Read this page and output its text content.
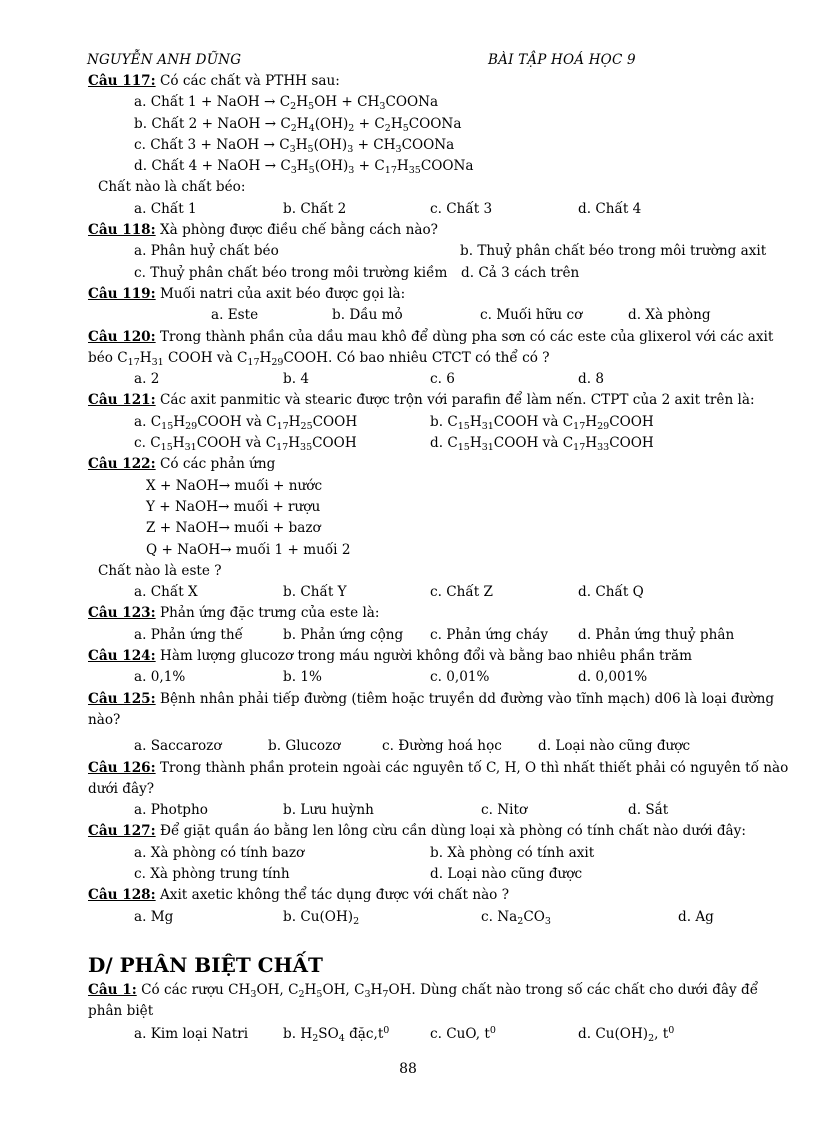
NGUYỄN ANH DŨNG	BÀI TẬP HOÁ HỌC 9
Câu 117: Có các chất và PTHH sau:
a. Chất 1 + NaOH → $C_2H_5OH$ + $CH_3COONa$
b. Chất 2 + NaOH → $C_2H_4(OH)_2$ + $C_2H_5COONa$
c. Chất 3 + NaOH → $C_3H_5(OH)_3$ + $CH_3COONa$
d. Chất 4 + NaOH → $C_3H_5(OH)_3$ + $C_{17}H_{35}COONa$
Chất nào là chất béo:
a. Chất 1	b. Chất 2	c. Chất 3	d. Chất 4
Câu 118: Xà phòng được điều chế bằng cách nào?
a. Phân huỷ chất béo	b. Thuỷ phân chất béo trong môi trường axit
c. Thuỷ phân chất béo trong môi trường kiềm d. Cả 3 cách trên
Câu 119: Muối natri của axit béo được gọi là:
a. Este	b. Dầu mỏ	c. Muối hữu cơ	d. Xà phòng
Câu 120: Trong thành phần của dầu mau khô để dùng pha sơn có các este của glixerol với các axit
béo $C_{17}H_{31}$ COOH và $C_{17}H_{29}COOH$. Có bao nhiêu CTCT có thể có ?
a. 2	b. 4	c. 6	d. 8
Câu 121: Các axit panmitic và stearic được trộn với parafin để làm nến. CTPT của 2 axit trên là:
a. $C_{15}H_{29}COOH$ và $C_{17}H_{25}COOH$	b. $C_{15}H_{31}COOH$ và $C_{17}H_{29}COOH$
c. $C_{15}H_{31}COOH$ và $C_{17}H_{35}COOH$	d. $C_{15}H_{31}COOH$ và $C_{17}H_{33}COOH$
Câu 122: Có các phản ứng
X + NaOH→ muối + nước
Y + NaOH→ muối + rượu
Z + NaOH→ muối + bazơ
Q + NaOH→ muối 1 + muối 2
Chất nào là este ?
a. Chất X	b. Chất Y	c. Chất Z	d. Chất Q
Câu 123: Phản ứng đặc trưng của este là:
a. Phản ứng thế	b. Phản ứng cộng c. Phản ứng cháy d. Phản ứng thuỷ phân
Câu 124: Hàm lượng glucozơ trong máu người không đổi và bằng bao nhiêu phần trăm
a. 0,1%	b. 1%	c. 0,01%	d. 0,001%
Câu 125: Bệnh nhân phải tiếp đường (tiêm hoặc truyền dd đường vào tĩnh mạch) d06 là loại đường
nào?
a. Saccarozơ	b. Glucozơ	c. Đường hoá học	d. Loại nào cũng được
Câu 126: Trong thành phần protein ngoài các nguyên tố C, H, O thì nhất thiết phải có nguyên tố nào
dưới đây?
a. Photpho	b. Lưu huỳnh	c. Nitơ	d. Sắt
Câu 127: Để giặt quần áo bằng len lông cừu cần dùng loại xà phòng có tính chất nào dưới đây:
a. Xà phòng có tính bazơ	b. Xà phòng có tính axit
c. Xà phòng trung tính	d. Loại nào cũng được
Câu 128: Axit axetic không thể tác dụng được với chất nào ?
a. Mg	b. $Cu(OH)_2$	c. $Na_2CO_3$	d. Ag
D/ PHÂN BIỆT CHẤT
Câu 1: Có các rượu $CH_3OH$, $C_2H_5OH$, $C_3H_7OH$. Dùng chất nào trong số các chất cho dưới đây để
phân biệt
a. Kim loại Natri	b. $H_2SO_4$ $đặc,t^0$	c. CuO, $t^0$	d. $Cu(OH)_2$, $t^0$
88
